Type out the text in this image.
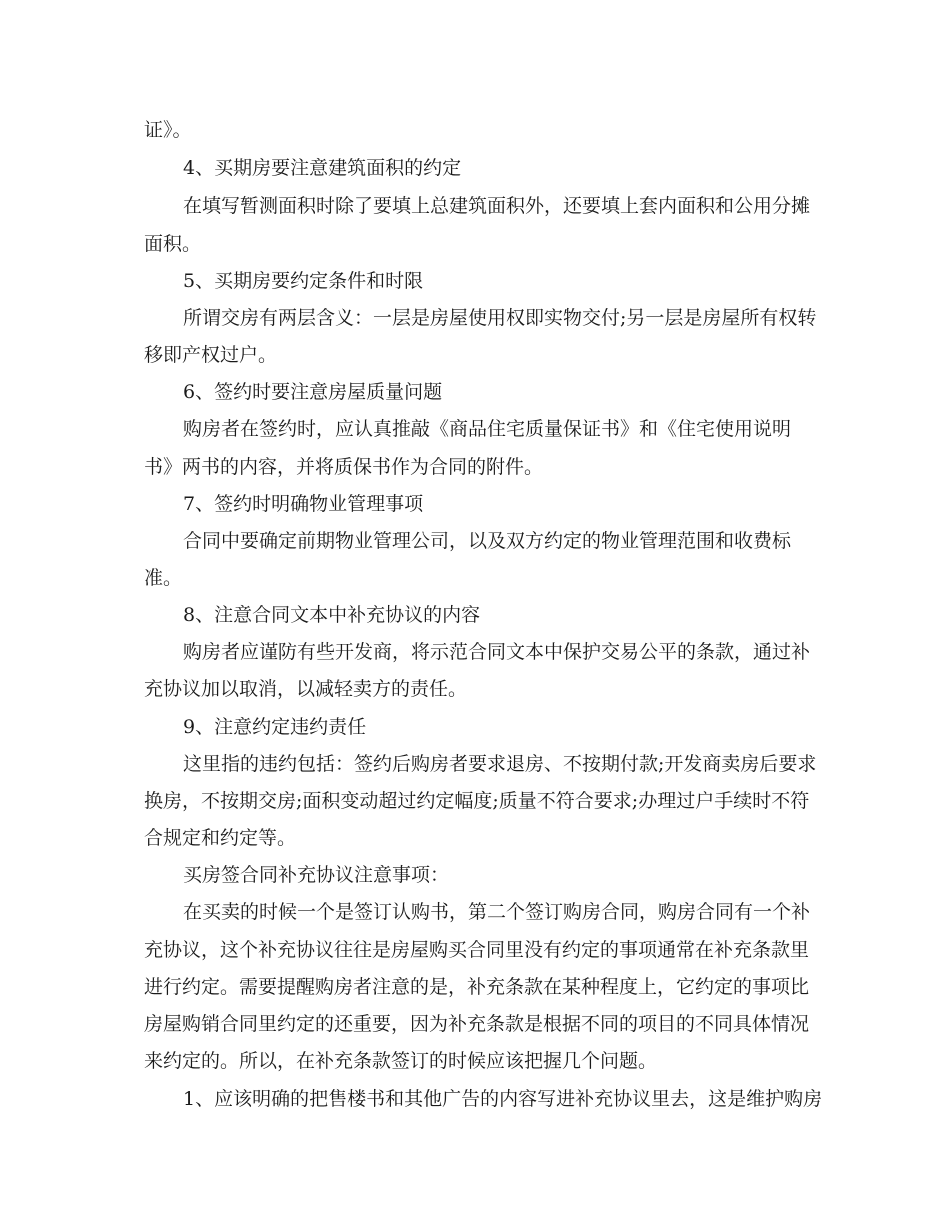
证》。
4、买期房要注意建筑面积的约定
在填写暂测面积时除了要填上总建筑面积外，还要填上套内面积和公用分摊
面积。
5、买期房要约定条件和时限
所谓交房有两层含义：一层是房屋使用权即实物交付;另一层是房屋所有权转
移即产权过户。
6、签约时要注意房屋质量问题
购房者在签约时，应认真推敲《商品住宅质量保证书》和《住宅使用说明
书》两书的内容，并将质保书作为合同的附件。
7、签约时明确物业管理事项
合同中要确定前期物业管理公司，以及双方约定的物业管理范围和收费标
准。
8、注意合同文本中补充协议的内容
购房者应谨防有些开发商，将示范合同文本中保护交易公平的条款，通过补
充协议加以取消，以减轻卖方的责任。
9、注意约定违约责任
这里指的违约包括：签约后购房者要求退房、不按期付款;开发商卖房后要求
换房，不按期交房;面积变动超过约定幅度;质量不符合要求;办理过户手续时不符
合规定和约定等。
买房签合同补充协议注意事项：
在买卖的时候一个是签订认购书，第二个签订购房合同，购房合同有一个补
充协议，这个补充协议往往是房屋购买合同里没有约定的事项通常在补充条款里
进行约定。需要提醒购房者注意的是，补充条款在某种程度上，它约定的事项比
房屋购销合同里约定的还重要，因为补充条款是根据不同的项目的不同具体情况
来约定的。所以，在补充条款签订的时候应该把握几个问题。
1、应该明确的把售楼书和其他广告的内容写进补充协议里去，这是维护购房
